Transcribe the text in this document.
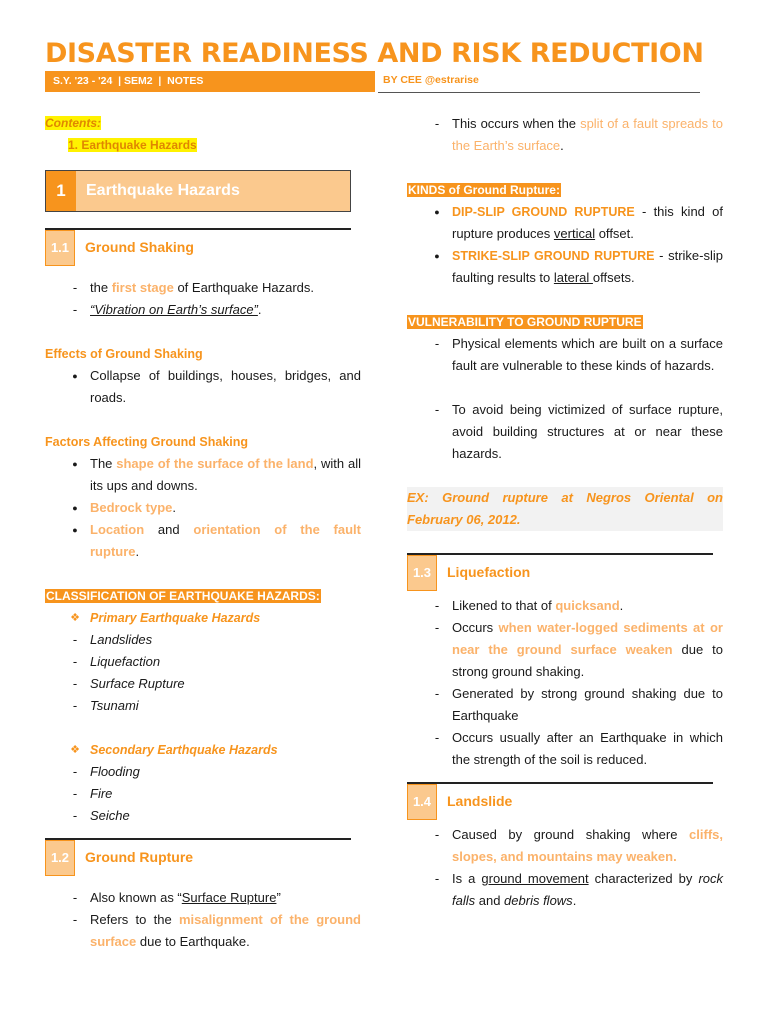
DISASTER READINESS AND RISK REDUCTION
S.Y. '23 - '24  | SEM2  |  NOTES	BY CEE @estrarise
Contents:
1. Earthquake Hazards
1	Earthquake Hazards
1.1	Ground Shaking
- the first stage of Earthquake Hazards.
- “Vibration on Earth’s surface”.
Effects of Ground Shaking
● Collapse of buildings, houses, bridges, and roads.
Factors Affecting Ground Shaking
● The shape of the surface of the land, with all its ups and downs.
● Bedrock type.
● Location and orientation of the fault rupture.
CLASSIFICATION OF EARTHQUAKE HAZARDS:
❖ Primary Earthquake Hazards
- Landslides
- Liquefaction
- Surface Rupture
- Tsunami
❖ Secondary Earthquake Hazards
- Flooding
- Fire
- Seiche
1.2	Ground Rupture
- Also known as “Surface Rupture”
- Refers to the misalignment of the ground surface due to Earthquake.
- This occurs when the split of a fault spreads to the Earth’s surface.
KINDS of Ground Rupture:
● DIP-SLIP GROUND RUPTURE - this kind of rupture produces vertical offset.
● STRIKE-SLIP GROUND RUPTURE - strike-slip faulting results to lateral offsets.
VULNERABILITY TO GROUND RUPTURE
- Physical elements which are built on a surface fault are vulnerable to these kinds of hazards.
- To avoid being victimized of surface rupture, avoid building structures at or near these hazards.
EX: Ground rupture at Negros Oriental on February 06, 2012.
1.3	Liquefaction
- Likened to that of quicksand.
- Occurs when water-logged sediments at or near the ground surface weaken due to strong ground shaking.
- Generated by strong ground shaking due to Earthquake
- Occurs usually after an Earthquake in which the strength of the soil is reduced.
1.4	Landslide
- Caused by ground shaking where cliffs, slopes, and mountains may weaken.
- Is a ground movement characterized by rock falls and debris flows.
